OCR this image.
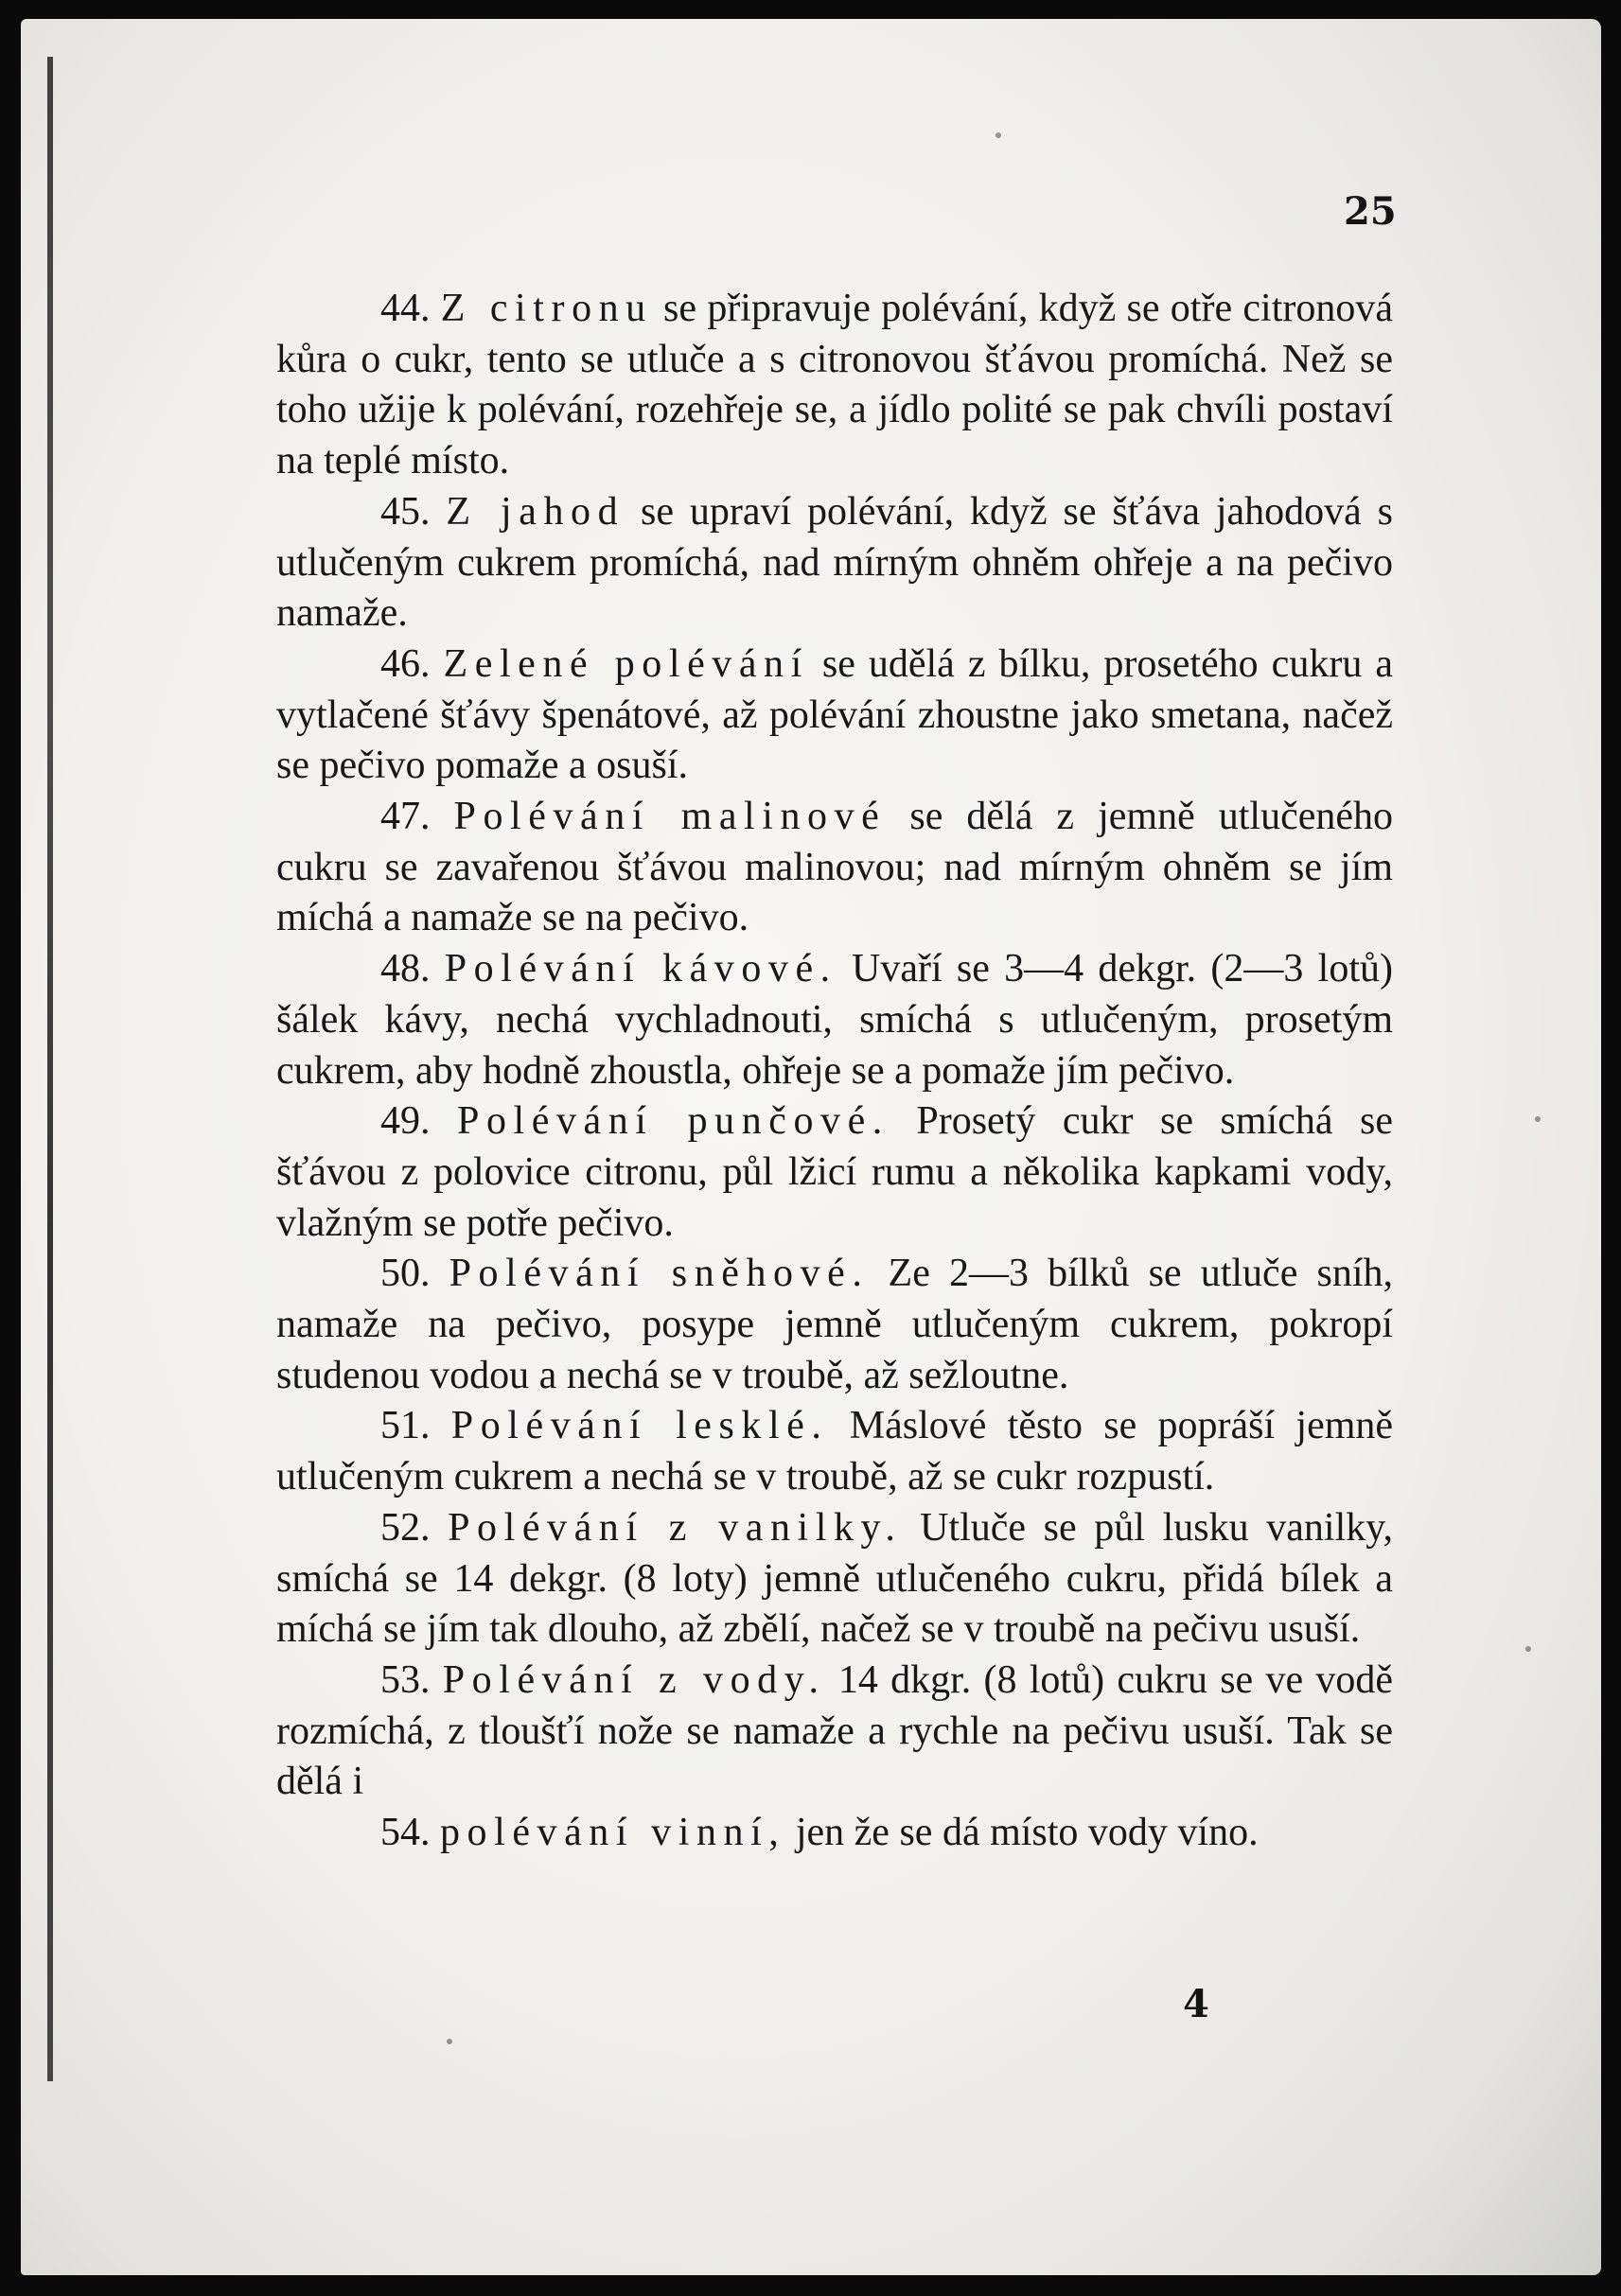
25

44. Z citronu se připravuje polévání, když se otře citronová kůra o cukr, tento se utluče a s citronovou šťávou promíchá. Než se toho užije k polévání, rozehřeje se, a jídlo polité se pak chvíli postaví na teplé místo.

45. Z jahod se upraví polévání, když se šťáva jahodová s utlučeným cukrem promíchá, nad mírným ohněm ohřeje a na pečivo namaže.

46. Zelené polévání se udělá z bílku, prosetého cukru a vytlačené šťávy špenátové, až polévání zhoustne jako smetana, načež se pečivo pomaže a osuší.

47. Polévání malinové se dělá z jemně utlučeného cukru se zavařenou šťávou malinovou; nad mírným ohněm se jím míchá a namaže se na pečivo.

48. Polévání kávové. Uvaří se 3—4 dekgr. (2—3 lotů) šálek kávy, nechá vychladnouti, smíchá s utlučeným, prosetým cukrem, aby hodně zhoustla, ohřeje se a pomaže jím pečivo.

49. Polévání punčové. Prosetý cukr se smíchá se šťávou z polovice citronu, půl lžicí rumu a několika kapkami vody, vlažným se potře pečivo.

50. Polévání sněhové. Ze 2—3 bílků se utluče sníh, namaže na pečivo, posype jemně utlučeným cukrem, pokropí studenou vodou a nechá se v troubě, až sežloutne.

51. Polévání lesklé. Máslové těsto se popráší jemně utlučeným cukrem a nechá se v troubě, až se cukr rozpustí.

52. Polévání z vanilky. Utluče se půl lusku vanilky, smíchá se 14 dekgr. (8 loty) jemně utlučeného cukru, přidá bílek a míchá se jím tak dlouho, až zbělí, načež se v troubě na pečivu usuší.

53. Polévání z vody. 14 dkgr. (8 lotů) cukru se ve vodě rozmíchá, z tloušťí nože se namaže a rychle na pečivu usuší. Tak se dělá i

54. polévání vinní, jen že se dá místo vody víno.

4
